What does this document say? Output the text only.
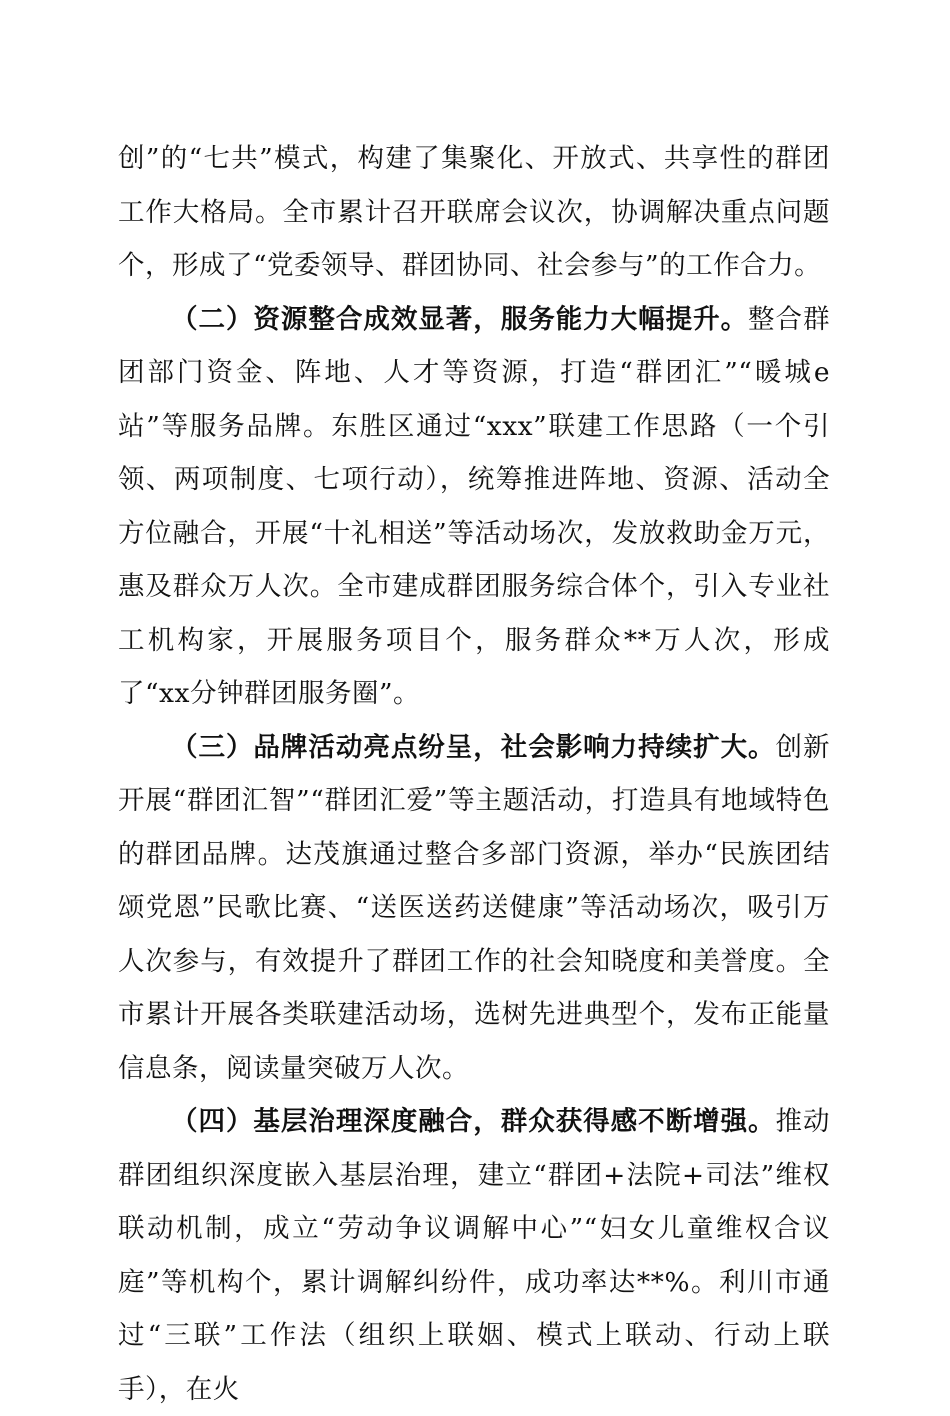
创”的“七共”模式，构建了集聚化、开放式、共享性的群团工作大格局。全市累计召开联席会议次，协调解决重点问题个，形成了“党委领导、群团协同、社会参与”的工作合力。

（二）资源整合成效显著，服务能力大幅提升。整合群团部门资金、阵地、人才等资源，打造“群团汇”“暖城e站”等服务品牌。东胜区通过“xxx”联建工作思路（一个引领、两项制度、七项行动），统筹推进阵地、资源、活动全方位融合，开展“十礼相送”等活动场次，发放救助金万元，惠及群众万人次。全市建成群团服务综合体个，引入专业社工机构家，开展服务项目个，服务群众**万人次，形成了“xx分钟群团服务圈”。

（三）品牌活动亮点纷呈，社会影响力持续扩大。创新开展“群团汇智”“群团汇爱”等主题活动，打造具有地域特色的群团品牌。达茂旗通过整合多部门资源，举办“民族团结颂党恩”民歌比赛、“送医送药送健康”等活动场次，吸引万人次参与，有效提升了群团工作的社会知晓度和美誉度。全市累计开展各类联建活动场，选树先进典型个，发布正能量信息条，阅读量突破万人次。

（四）基层治理深度融合，群众获得感不断增强。推动群团组织深度嵌入基层治理，建立“群团+法院+司法”维权联动机制，成立“劳动争议调解中心”“妇女儿童维权合议庭”等机构个，累计调解纠纷件，成功率达**%。利川市通过“三联”工作法（组织上联姻、模式上联动、行动上联手），在火
